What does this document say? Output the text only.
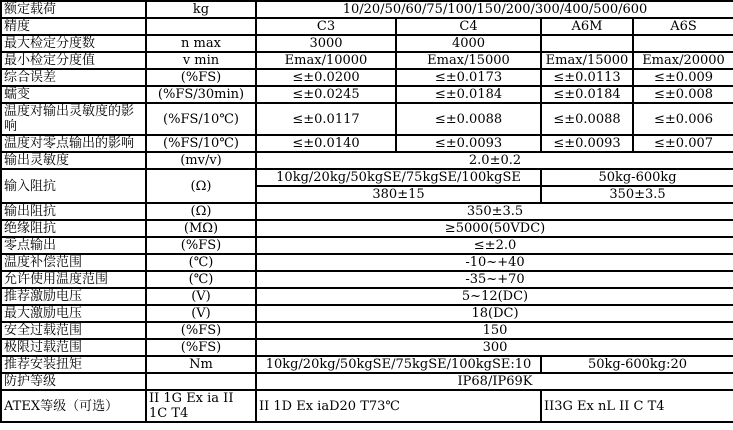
额定载荷	kg	10/20/50/60/75/100/150/200/300/400/500/600			
精度		C3	C4	A6M	A6S
最大检定分度数	n max	3000	4000		
最小检定分度值	v min	Emax/10000	Emax/15000	Emax/15000	Emax/20000
综合误差	(%FS)	≤±0.0200	≤±0.0173	≤±0.0113	≤±0.009
蠕变	(%FS/30min)	≤±0.0245	≤±0.0184	≤±0.0184	≤±0.008
温度对输出灵敏度的影响	(%FS/10℃)	≤±0.0117	≤±0.0088	≤±0.0088	≤±0.006
温度对零点输出的影响	(%FS/10℃)	≤±0.0140	≤±0.0093	≤±0.0093	≤±0.007
输出灵敏度	(mv/v)	2.0±0.2			
输入阻抗	(Ω)	10kg/20kg/50kgSE/75kgSE/100kgSE		50kg-600kg	
		380±15		350±3.5	
输出阻抗	(Ω)	350±3.5			
绝缘阻抗	(MΩ)	≥5000(50VDC)			
零点输出	(%FS)	≤±2.0			
温度补偿范围	(℃)	-10~+40			
允许使用温度范围	(℃)	-35~+70			
推荐激励电压	(V)	5~12(DC)			
最大激励电压	(V)	18(DC)			
安全过载范围	(%FS)	150			
极限过载范围	(%FS)	300			
推荐安装扭矩	Nm	10kg/20kg/50kgSE/75kgSE/100kgSE:10		50kg-600kg:20	
防护等级		IP68/IP69K			
ATEX等级（可选）	II 1G Ex ia II 1C T4	II 1D Ex iaD20 T73℃		II3G Ex nL II C T4	
